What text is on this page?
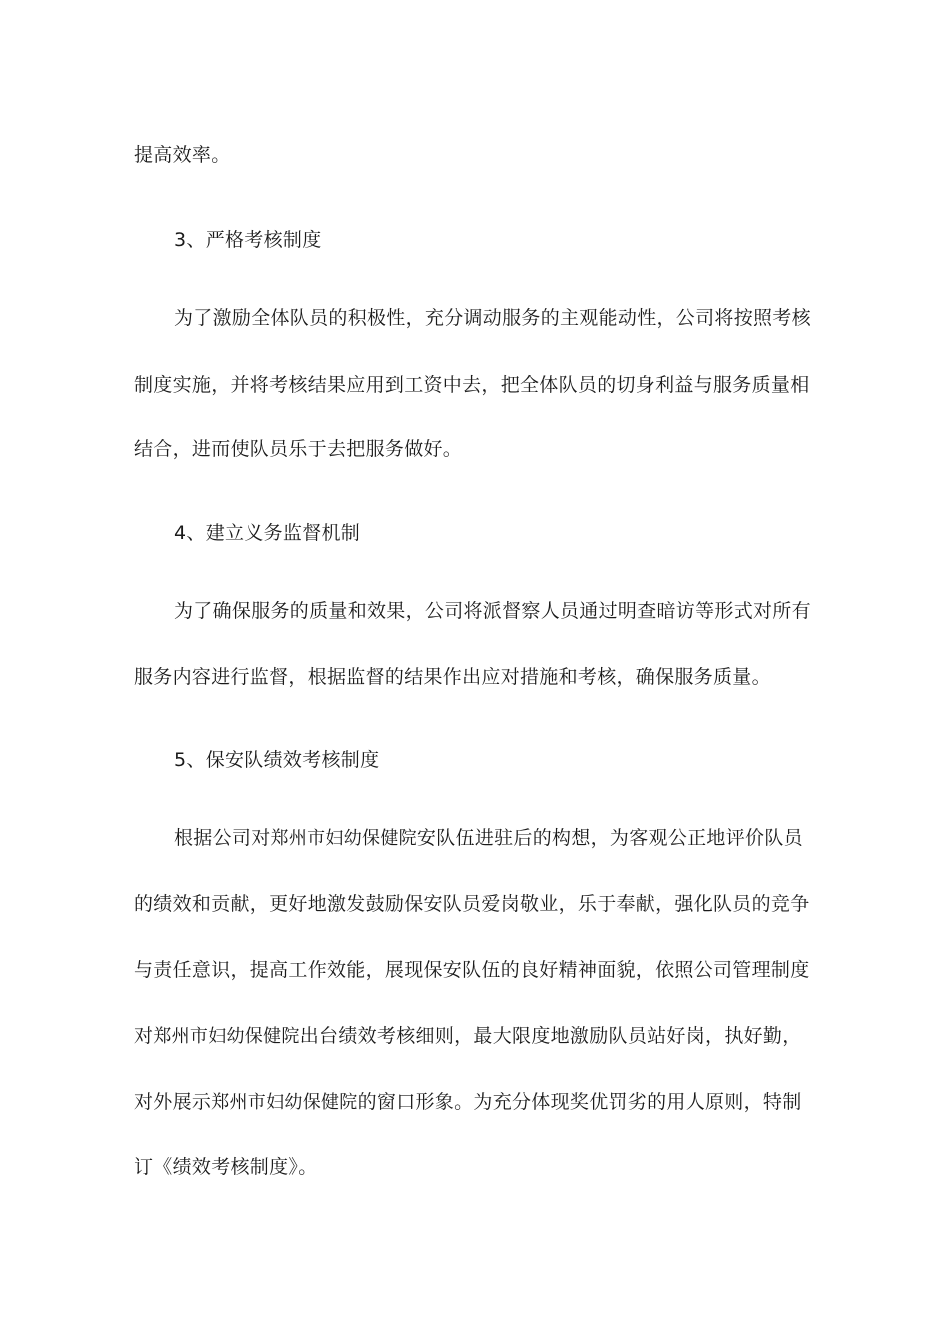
提高效率。
3、严格考核制度
为了激励全体队员的积极性，充分调动服务的主观能动性，公司将按照考核
制度实施，并将考核结果应用到工资中去，把全体队员的切身利益与服务质量相
结合，进而使队员乐于去把服务做好。
4、建立义务监督机制
为了确保服务的质量和效果，公司将派督察人员通过明查暗访等形式对所有
服务内容进行监督，根据监督的结果作出应对措施和考核，确保服务质量。
5、保安队绩效考核制度
根据公司对郑州市妇幼保健院安队伍进驻后的构想，为客观公正地评价队员
的绩效和贡献，更好地激发鼓励保安队员爱岗敬业，乐于奉献，强化队员的竞争
与责任意识，提高工作效能，展现保安队伍的良好精神面貌，依照公司管理制度
对郑州市妇幼保健院出台绩效考核细则，最大限度地激励队员站好岗，执好勤，
对外展示郑州市妇幼保健院的窗口形象。为充分体现奖优罚劣的用人原则，特制
订《绩效考核制度》。
